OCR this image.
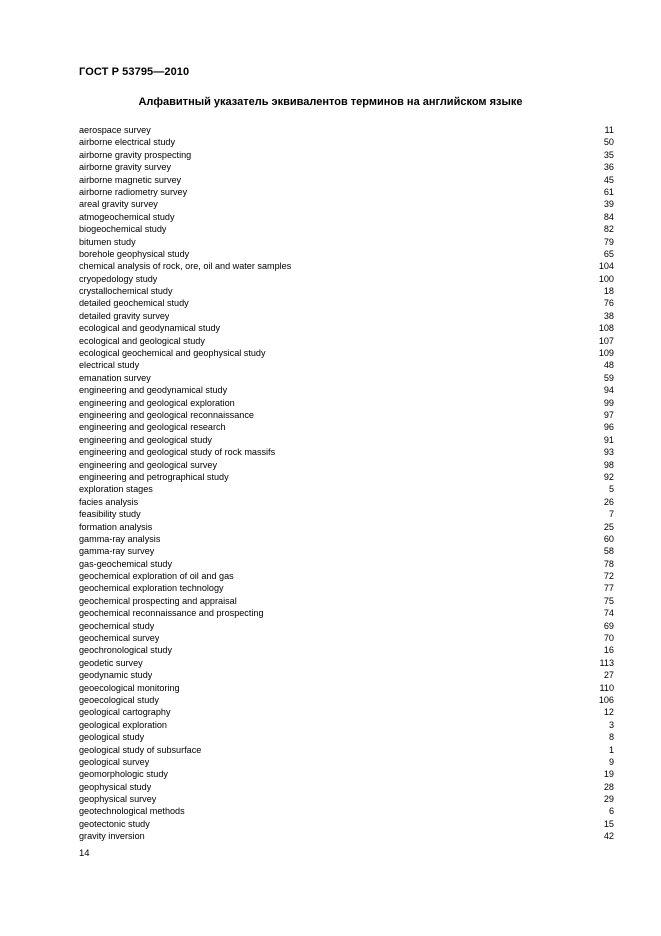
ГОСТ Р 53795—2010
Алфавитный указатель эквивалентов терминов на английском языке
aerospace survey	11
airborne electrical study	50
airborne gravity prospecting	35
airborne gravity survey	36
airborne magnetic survey	45
airborne radiometry survey	61
areal gravity survey	39
atmogeochemical study	84
biogeochemical study	82
bitumen study	79
borehole geophysical study	65
chemical analysis of rock, ore, oil and water samples	104
cryopedology study	100
crystallochemical study	18
detailed geochemical study	76
detailed gravity survey	38
ecological and geodynamical study	108
ecological and geological study	107
ecological geochemical and geophysical study	109
electrical study	48
emanation survey	59
engineering and geodynamical study	94
engineering and geological exploration	99
engineering and geological reconnaissance	97
engineering and geological research	96
engineering and geological study	91
engineering and geological study of rock massifs	93
engineering and geological survey	98
engineering and petrographical study	92
exploration stages	5
facies analysis	26
feasibility study	7
formation analysis	25
gamma-ray analysis	60
gamma-ray survey	58
gas-geochemical study	78
geochemical exploration of oil and gas	72
geochemical exploration technology	77
geochemical prospecting and appraisal	75
geochemical reconnaissance and prospecting	74
geochemical study	69
geochemical survey	70
geochronological study	16
geodetic survey	113
geodynamic study	27
geoecological monitoring	110
geoecological study	106
geological cartography	12
geological exploration	3
geological study	8
geological study of subsurface	1
geological survey	9
geomorphologic study	19
geophysical study	28
geophysical survey	29
geotechnological methods	6
geotectonic study	15
gravity inversion	42
14
